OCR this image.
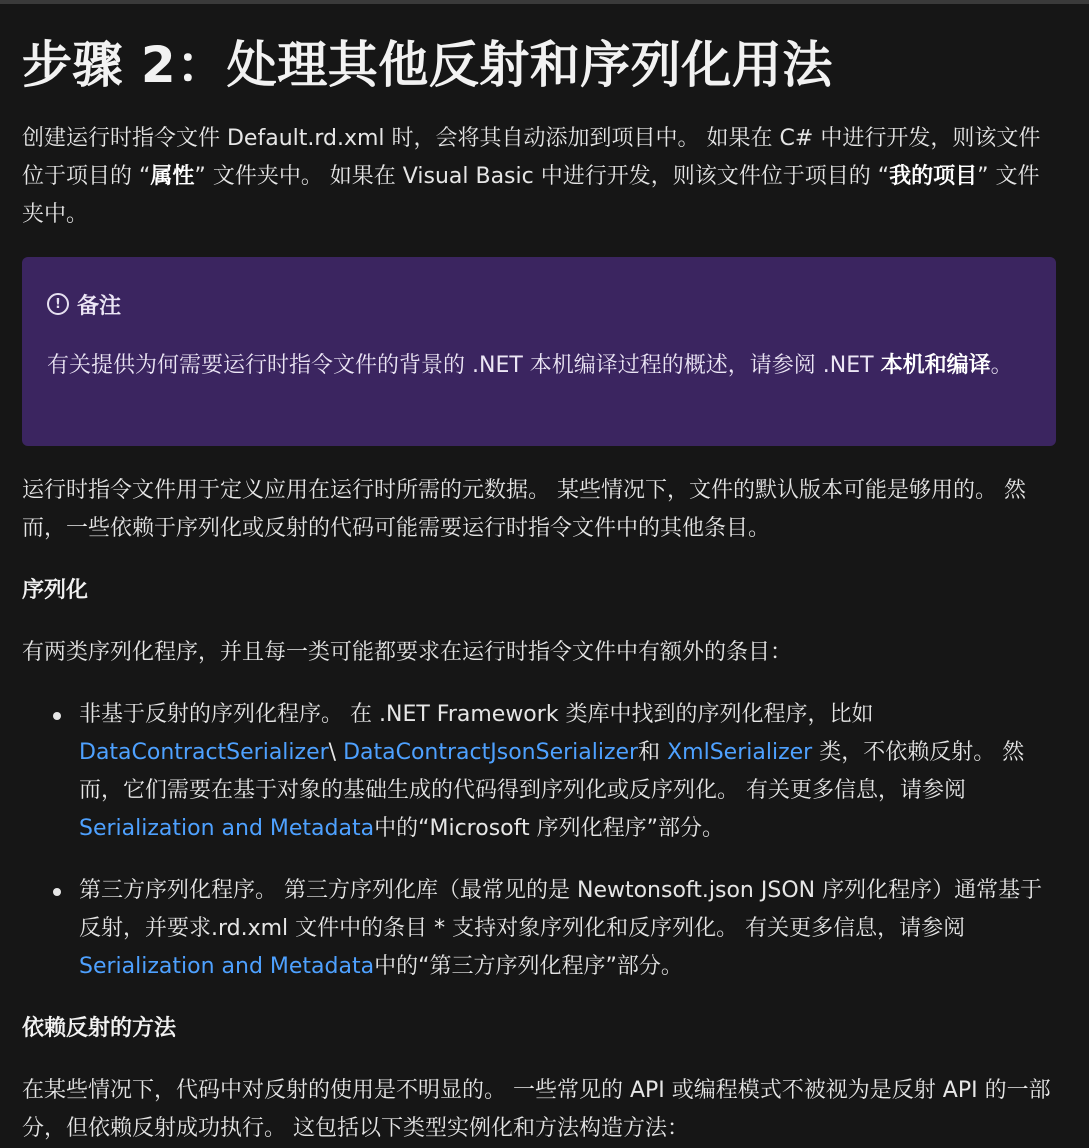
步骤 2：处理其他反射和序列化用法
创建运行时指令文件 Default.rd.xml 时，会将其自动添加到项目中。 如果在 C# 中进行开发，则该文件位于项目的 “属性” 文件夹中。 如果在 Visual Basic 中进行开发，则该文件位于项目的 “我的项目” 文件夹中。
! 备注
有关提供为何需要运行时指令文件的背景的 .NET 本机编译过程的概述，请参阅 .NET 本机和编译。
运行时指令文件用于定义应用在运行时所需的元数据。 某些情况下，文件的默认版本可能是够用的。 然而，一些依赖于序列化或反射的代码可能需要运行时指令文件中的其他条目。
序列化
有两类序列化程序，并且每一类可能都要求在运行时指令文件中有额外的条目：
非基于反射的序列化程序。 在 .NET Framework 类库中找到的序列化程序，比如 DataContractSerializer\ DataContractJsonSerializer和 XmlSerializer 类，不依赖反射。 然而，它们需要在基于对象的基础生成的代码得到序列化或反序列化。 有关更多信息，请参阅 Serialization and Metadata中的“Microsoft 序列化程序”部分。
第三方序列化程序。 第三方序列化库（最常见的是 Newtonsoft.json JSON 序列化程序）通常基于反射，并要求.rd.xml 文件中的条目 * 支持对象序列化和反序列化。 有关更多信息，请参阅 Serialization and Metadata中的“第三方序列化程序”部分。
依赖反射的方法
在某些情况下，代码中对反射的使用是不明显的。 一些常见的 API 或编程模式不被视为是反射 API 的一部分，但依赖反射成功执行。 这包括以下类型实例化和方法构造方法：
